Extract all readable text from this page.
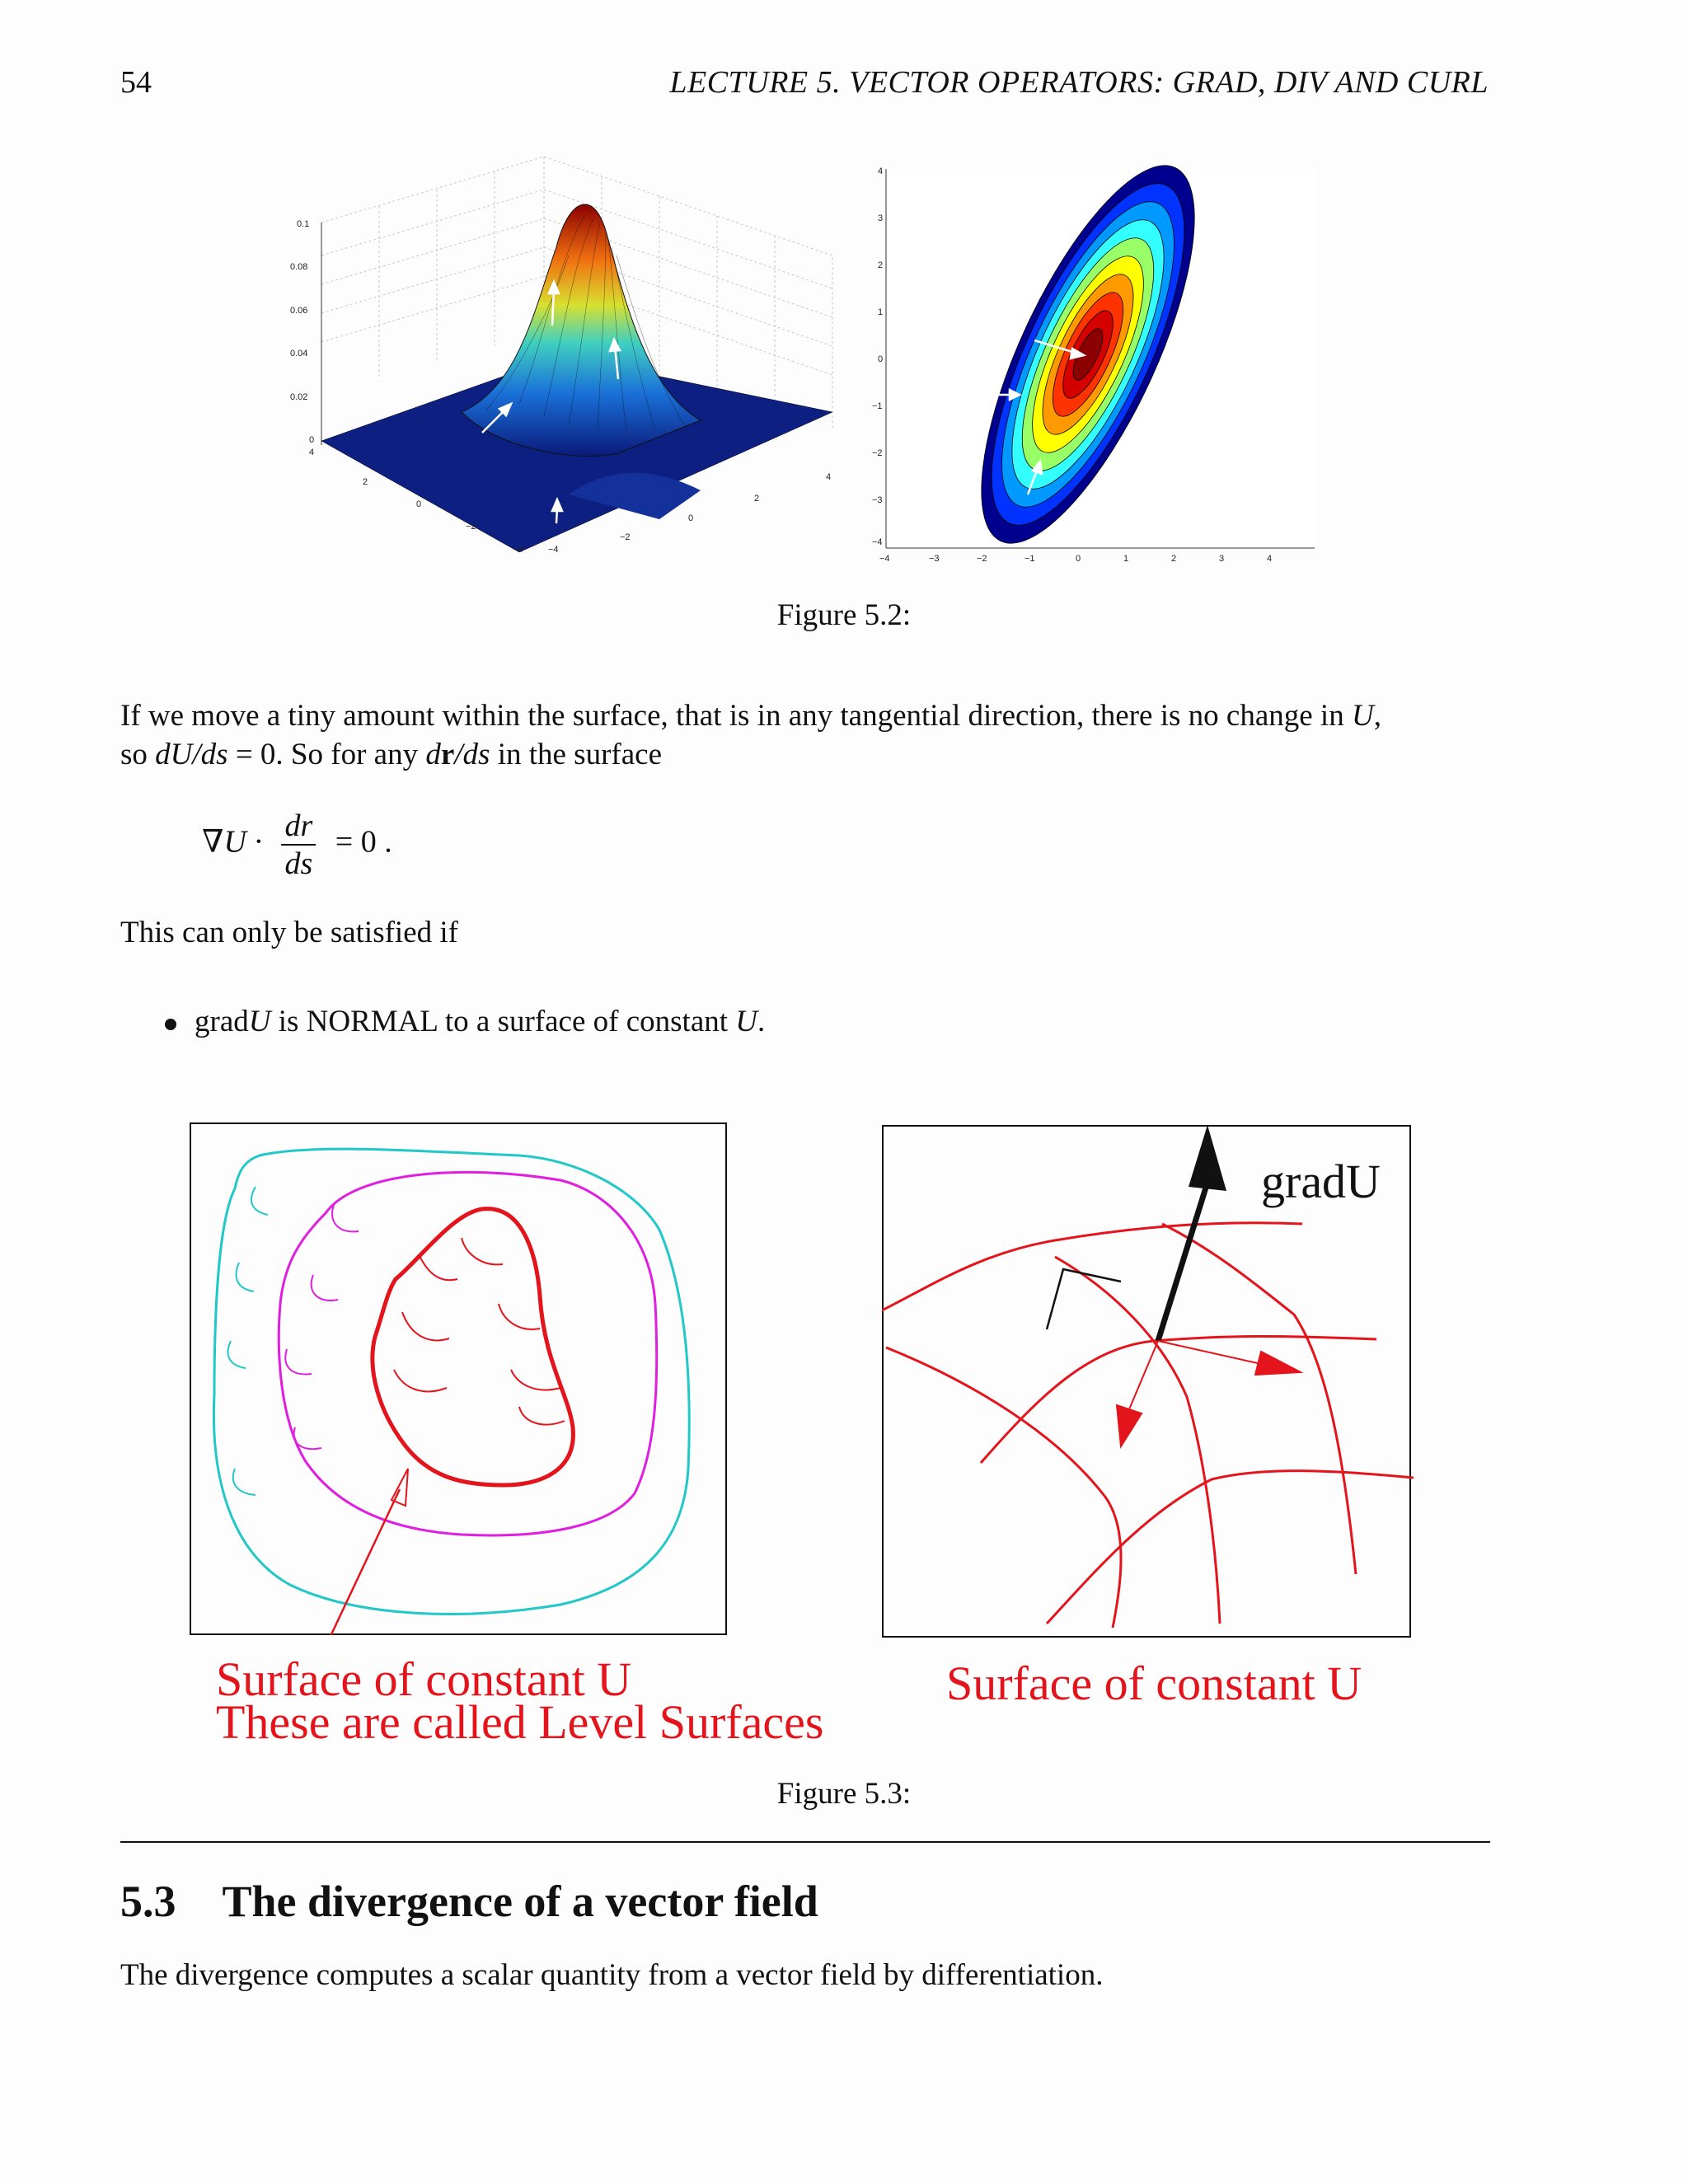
54	LECTURE 5. VECTOR OPERATORS: GRAD, DIV AND CURL
0.1
0.08
0.06
0.04
0.02
0
4
2
0
−2
−4	−4
−2
0
2
4
4
3
2
1
0
−1
−2
−3
−4
−4	−3	−2	−1	0	1	2	3	4
Figure 5.2:
If we move a tiny amount within the surface, that is in any tangential direction, there is no change in U,
so dU/ds = 0. So for any dr/ds in the surface
$\nabla U \cdot \frac{dr}{ds} = 0$ .
This can only be satisfied if
gradU is NORMAL to a surface of constant U.
Surface of constant U
These are called Level Surfaces
gradU
Surface of constant U
Figure 5.3:
5.3 The divergence of a vector field
The divergence computes a scalar quantity from a vector field by differentiation.
